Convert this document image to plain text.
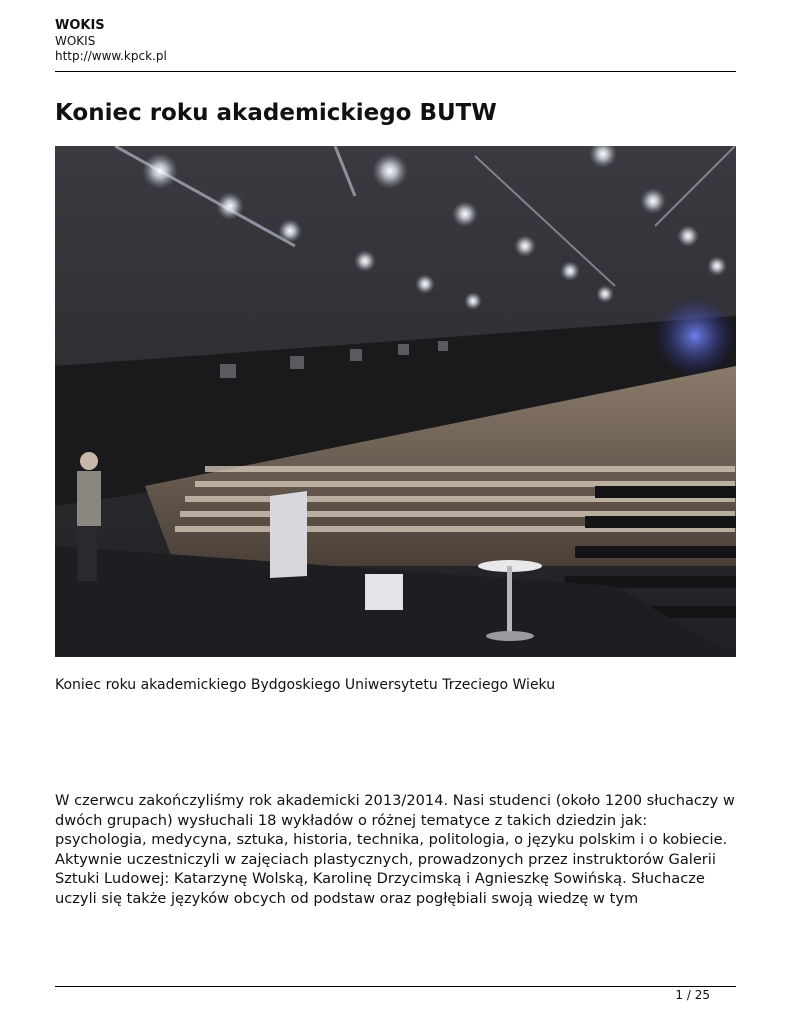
WOKIS
WOKIS
http://www.kpck.pl
Koniec roku akademickiego BUTW
Koniec roku akademickiego Bydgoskiego Uniwersytetu Trzeciego Wieku

W czerwcu zakończyliśmy rok akademicki 2013/2014. Nasi studenci (około 1200 słuchaczy w dwóch grupach) wysłuchali 18 wykładów o różnej tematyce z takich dziedzin jak: psychologia, medycyna, sztuka, historia, technika, politologia, o języku polskim i o kobiecie. Aktywnie uczestniczyli w zajęciach plastycznych, prowadzonych przez instruktorów Galerii Sztuki Ludowej: Katarzynę Wolską, Karolinę Drzycimską i Agnieszkę Sowińską. Słuchacze uczyli się także języków obcych od podstaw oraz pogłębiali swoją wiedzę w tym

1 / 25
